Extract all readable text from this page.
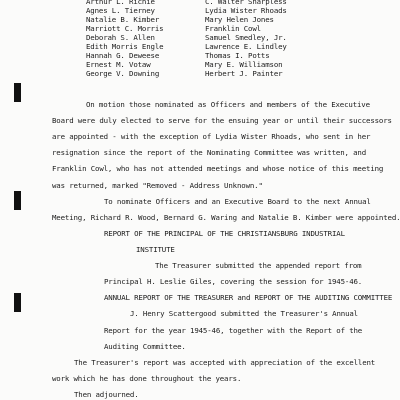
Arthur L. Richie
Agnes L. Tierney
Natalie B. Kimber
Marriott C. Morris
Deborah S. Allen
Edith Morris Engle
Hannah G. Deweese
Ernest M. Votaw
George V. Downing
C. Walter Sharpless
Lydia Wister Rhoads
Mary Helen Jones
Franklin Cowl
Samuel Smedley, Jr.
Lawrence E. Lindley
Thomas I. Potts
Mary E. Williamson
Herbert J. Painter
On motion those nominated as Officers and members of the Executive
Board were duly elected to serve for the ensuing year or until their successors
are appointed - with the exception of Lydia Wister Rhoads, who sent in her
resignation since the report of the Nominating Committee was written, and
Franklin Cowl, who has not attended meetings and whose notice of this meeting
was returned, marked "Removed - Address Unknown."
To nominate Officers and an Executive Board to the next Annual
Meeting, Richard R. Wood, Bernard G. Waring and Natalie B. Kimber were appointed.
REPORT OF THE PRINCIPAL OF THE CHRISTIANSBURG INDUSTRIAL
INSTITUTE
The Treasurer submitted the appended report from
Principal H. Leslie Giles, covering the session for 1945-46.
ANNUAL REPORT OF THE TREASURER and REPORT OF THE AUDITING COMMITTEE
J. Henry Scattergood submitted the Treasurer's Annual
Report for the year 1945-46, together with the Report of the
Auditing Committee.
The Treasurer's report was accepted with appreciation of the excellent
work which he has done throughout the years.
Then adjourned.
